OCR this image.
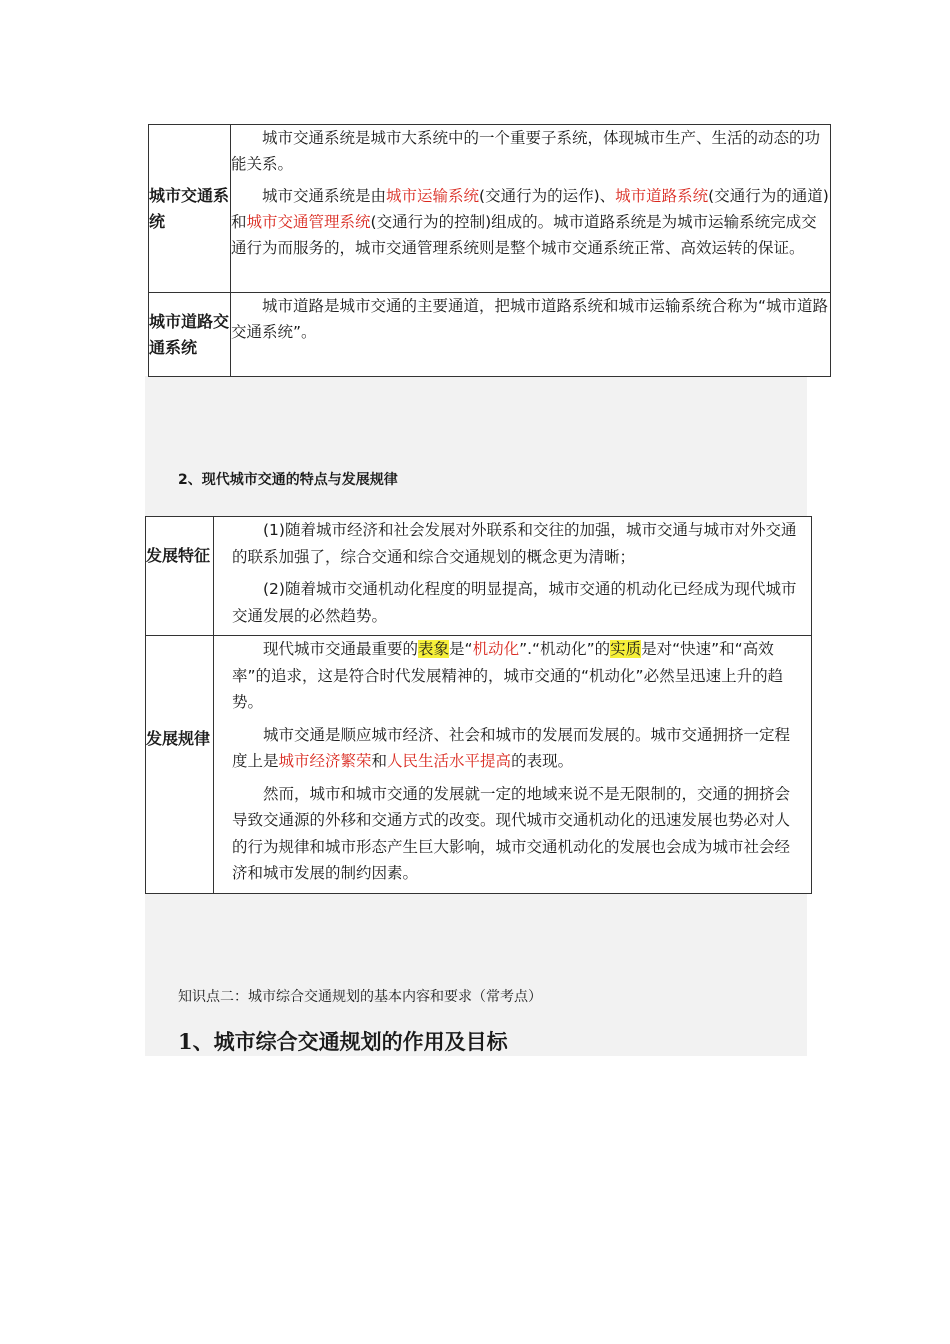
城市交通系统	城市交通系统是城市大系统中的一个重要子系统，体现城市生产、生活的动态的功能关系。

城市交通系统是由城市运输系统(交通行为的运作)、城市道路系统(交通行为的通道)和城市交通管理系统(交通行为的控制)组成的。城市道路系统是为城市运输系统完成交通行为而服务的，城市交通管理系统则是整个城市交通系统正常、高效运转的保证。

城市道路交通系统	城市道路是城市交通的主要通道，把城市道路系统和城市运输系统合称为“城市道路交通系统”。

2、现代城市交通的特点与发展规律
发展特征	(1)随着城市经济和社会发展对外联系和交往的加强，城市交通与城市对外交通的联系加强了，综合交通和综合交通规划的概念更为清晰；

(2)随着城市交通机动化程度的明显提高，城市交通的机动化已经成为现代城市交通发展的必然趋势。

发展规律	现代城市交通最重要的表象是“机动化”.“机动化”的实质是对“快速”和“高效率”的追求，这是符合时代发展精神的，城市交通的“机动化”必然呈迅速上升的趋势。

城市交通是顺应城市经济、社会和城市的发展而发展的。城市交通拥挤一定程度上是城市经济繁荣和人民生活水平提高的表现。

然而，城市和城市交通的发展就一定的地域来说不是无限制的，交通的拥挤会导致交通源的外移和交通方式的改变。现代城市交通机动化的迅速发展也势必对人的行为规律和城市形态产生巨大影响，城市交通机动化的发展也会成为城市社会经济和城市发展的制约因素。

知识点二：城市综合交通规划的基本内容和要求（常考点）
1、城市综合交通规划的作用及目标
